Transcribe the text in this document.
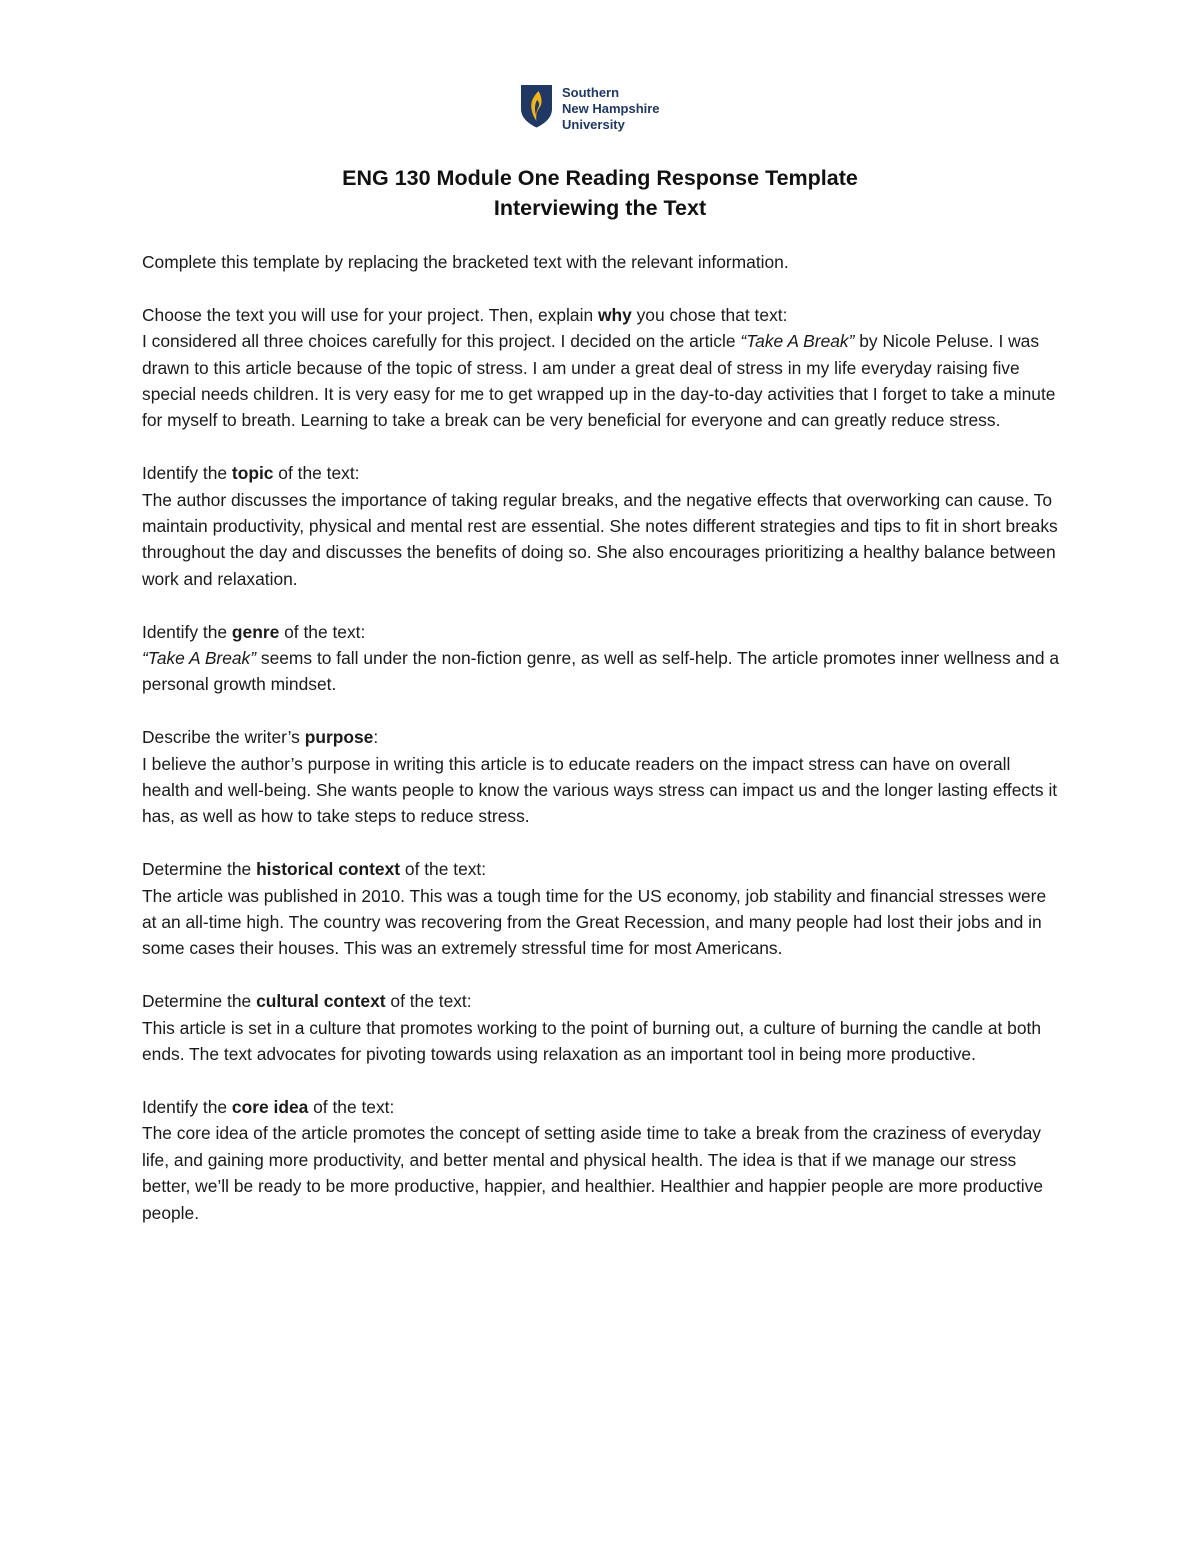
Southern
New Hampshire
University
ENG 130 Module One Reading Response Template
Interviewing the Text

Complete this template by replacing the bracketed text with the relevant information.

Choose the text you will use for your project. Then, explain why you chose that text:
I considered all three choices carefully for this project. I decided on the article “Take A Break” by Nicole Peluse. I was drawn to this article because of the topic of stress. I am under a great deal of stress in my life everyday raising five special needs children. It is very easy for me to get wrapped up in the day-to-day activities that I forget to take a minute for myself to breath. Learning to take a break can be very beneficial for everyone and can greatly reduce stress.

Identify the topic of the text:
The author discusses the importance of taking regular breaks, and the negative effects that overworking can cause. To maintain productivity, physical and mental rest are essential. She notes different strategies and tips to fit in short breaks throughout the day and discusses the benefits of doing so. She also encourages prioritizing a healthy balance between work and relaxation.

Identify the genre of the text:
“Take A Break” seems to fall under the non-fiction genre, as well as self-help. The article promotes inner wellness and a personal growth mindset.

Describe the writer’s purpose:
I believe the author’s purpose in writing this article is to educate readers on the impact stress can have on overall health and well-being. She wants people to know the various ways stress can impact us and the longer lasting effects it has, as well as how to take steps to reduce stress.

Determine the historical context of the text:
The article was published in 2010. This was a tough time for the US economy, job stability and financial stresses were at an all-time high. The country was recovering from the Great Recession, and many people had lost their jobs and in some cases their houses. This was an extremely stressful time for most Americans.

Determine the cultural context of the text:
This article is set in a culture that promotes working to the point of burning out, a culture of burning the candle at both ends. The text advocates for pivoting towards using relaxation as an important tool in being more productive.

Identify the core idea of the text:
The core idea of the article promotes the concept of setting aside time to take a break from the craziness of everyday life, and gaining more productivity, and better mental and physical health. The idea is that if we manage our stress better, we’ll be ready to be more productive, happier, and healthier. Healthier and happier people are more productive people.
